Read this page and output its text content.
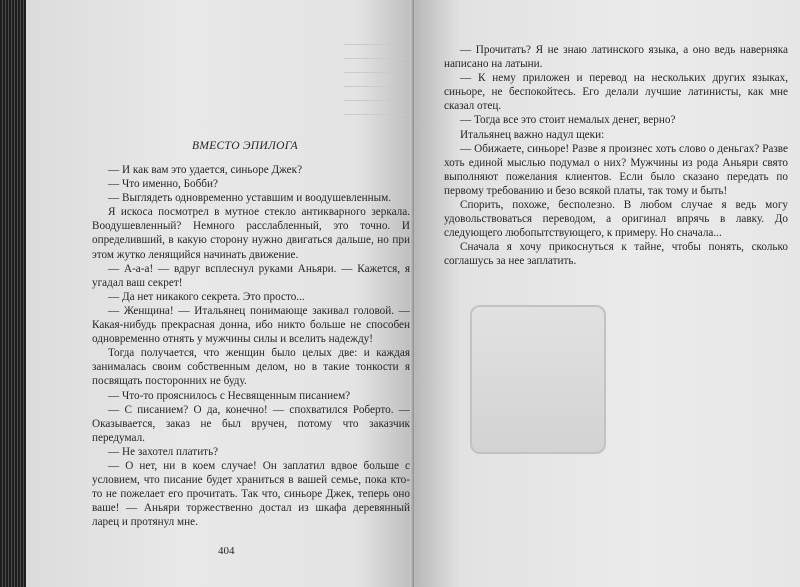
ВМЕСТО ЭПИЛОГА

— И как вам это удается, синьоре Джек?

— Что именно, Бобби?

— Выглядеть одновременно уставшим и воодушевленным.

Я искоса посмотрел в мутное стекло антикварного зеркала. Воодушевленный? Немного расслабленный, это точно. И определивший, в какую сторону нужно двигаться дальше, но при этом жутко ленящийся начинать движение.

— А-а-а! — вдруг всплеснул руками Аньяри. — Кажется, я угадал ваш секрет!

— Да нет никакого секрета. Это просто...

— Женщина! — Итальянец понимающе закивал головой. — Какая-нибудь прекрасная донна, ибо никто больше не способен одновременно отнять у мужчины силы и вселить надежду!

Тогда получается, что женщин было целых две: и каждая занималась своим собственным делом, но в такие тонкости я посвящать посторонних не буду.

— Что-то прояснилось с Несвященным писанием?

— С писанием? О да, конечно! — спохватился Роберто. — Оказывается, заказ не был вручен, потому что заказчик передумал.

— Не захотел платить?

— О нет, ни в коем случае! Он заплатил вдвое больше с условием, что писание будет храниться в вашей семье, пока кто-то не пожелает его прочитать. Так что, синьоре Джек, теперь оно ваше! — Аньяри торжественно достал из шкафа деревянный ларец и протянул мне.

404

— Прочитать? Я не знаю латинского языка, а оно ведь наверняка написано на латыни.

— К нему приложен и перевод на нескольких других языках, синьоре, не беспокойтесь. Его делали лучшие латинисты, как мне сказал отец.

— Тогда все это стоит немалых денег, верно?

Итальянец важно надул щеки:

— Обижаете, синьоре! Разве я произнес хоть слово о деньгах? Разве хоть единой мыслью подумал о них? Мужчины из рода Аньяри свято выполняют пожелания клиентов. Если было сказано передать по первому требованию и безо всякой платы, так тому и быть!

Спорить, похоже, бесполезно. В любом случае я ведь могу удовольствоваться переводом, а оригинал впрячь в лавку. До следующего любопытствующего, к примеру. Но сначала...

Сначала я хочу прикоснуться к тайне, чтобы понять, сколько соглашусь за нее заплатить.
